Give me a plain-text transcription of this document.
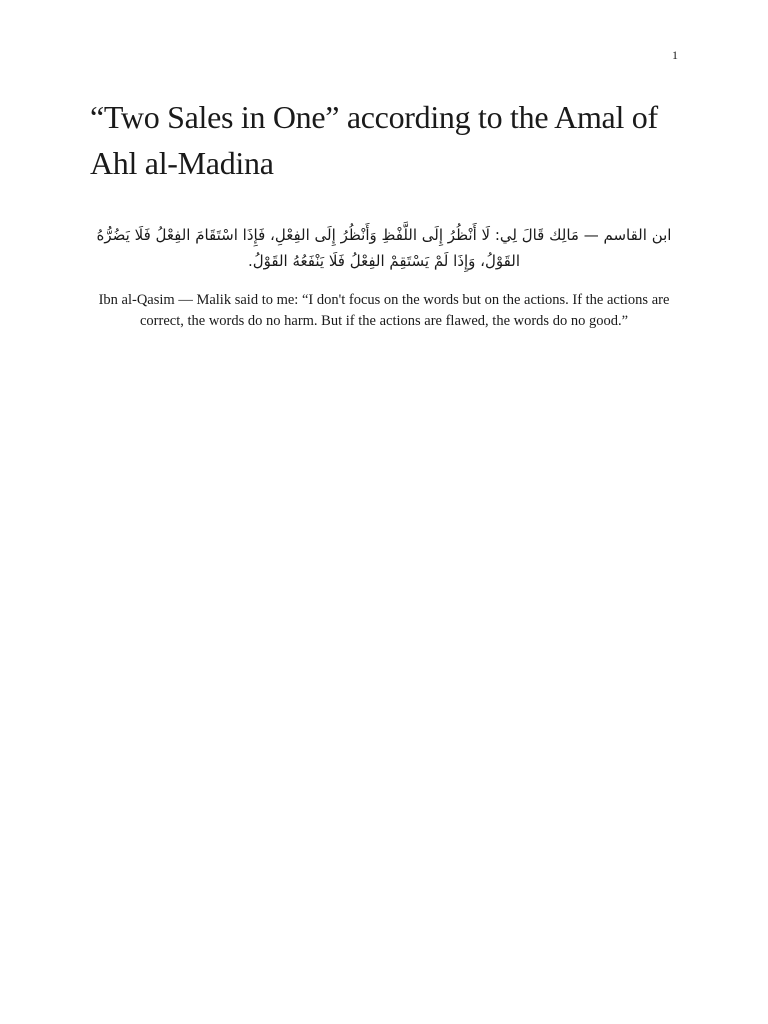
1
“Two Sales in One” according to the Amal of Ahl al-Madina

ابن القاسم — مَالِك قَالَ لِي: لَا أَنْظُرُ إِلَى اللَّفْظِ وَأَنْظُرُ إِلَى الفِعْلِ، فَإِذَا اسْتَقَامَ الفِعْلُ فَلَا يَضُرُّهُ القَوْلُ، وَإِذَا لَمْ يَسْتَقِمْ الفِعْلُ فَلَا يَنْفَعُهُ القَوْلُ.

Ibn al-Qasim — Malik said to me: “I don't focus on the words but on the actions. If the actions are correct, the words do no harm. But if the actions are flawed, the words do no good.”
